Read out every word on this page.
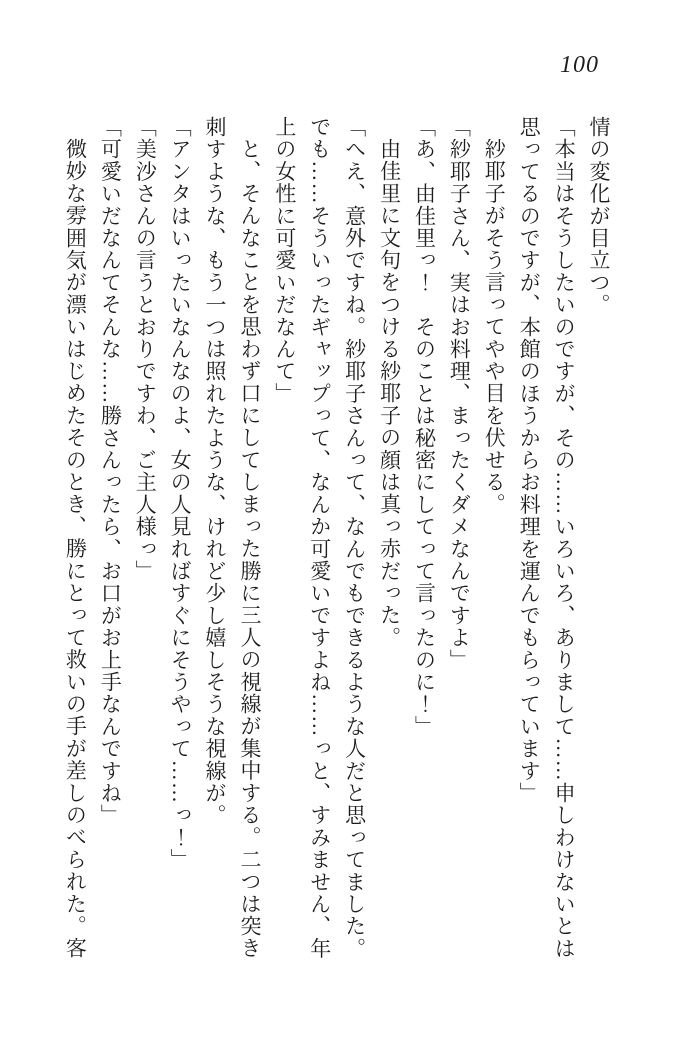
100

情の変化が目立つ。

「本当はそうしたいのですが、その……いろいろ、ありまして……申しわけないとは

思ってるのですが、本館のほうからお料理を運んでもらっています」

紗耶子がそう言ってやや目を伏せる。

「紗耶子さん、実はお料理、まったくダメなんですよ」

「あ、由佳里っ！　そのことは秘密にしてって言ったのに！」

由佳里に文句をつける紗耶子の顔は真っ赤だった。

「へえ、意外ですね。紗耶子さんって、なんでもできるような人だと思ってました。

でも……そういったギャップって、なんか可愛いですよね……っと、すみません、年

上の女性に可愛いだなんて」

と、そんなことを思わず口にしてしまった勝に三人の視線が集中する。二つは突き

刺すような、もう一つは照れたような、けれど少し嬉しそうな視線が。

「アンタはいったいなんなのよ、女の人見ればすぐにそうやって……っ！」

「美沙さんの言うとおりですわ、ご主人様っ」

「可愛いだなんてそんな……勝さんったら、お口がお上手なんですね」

微妙な雰囲気が漂いはじめたそのとき、勝にとって救いの手が差しのべられた。客
